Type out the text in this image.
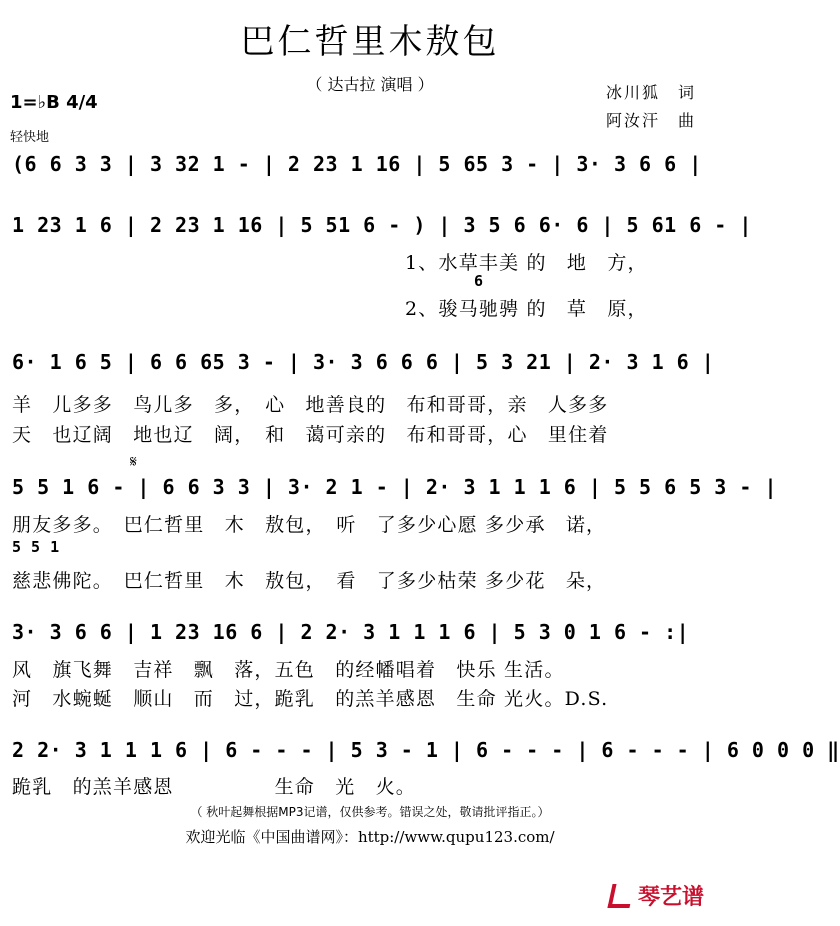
巴仁哲里木敖包
（ 达古拉 演唱 ）	冰川狐　词
阿汝汗　曲
1=♭B 4/4
轻快地
(6 6 3 3 | 3 32 1 - | 2 23 1 16 | 5 65 3 - | 3· 3 6 6 |
1 23 1 6 | 2 23 1 16 | 5 51 6 - ) | 3 5 6 6· 6 | 5 61 6 - |
1、水草丰美 的　地　方，
6
2、骏马驰骋 的　草　原，
6· 1 6 5 | 6 6 65 3 - | 3· 3 6 6 6 | 5 3 21 | 2· 3 1 6 |
羊　儿多多　鸟儿多　多，　心　地善良的　布和哥哥，亲　人多多
天　也辽阔　地也辽　阔，　和　蔼可亲的　布和哥哥，心　里住着
𝄋
5 5 1 6 - | 6 6 3 3 | 3· 2 1 - | 2· 3 1 1 1 6 | 5 5 6 5 3 - |
朋友多多。　巴仁哲里　木　敖包，　听　了多少心愿 多少承　诺，
5 5 1
慈悲佛陀。　巴仁哲里　木　敖包，　看　了多少枯荣 多少花　朵，
3· 3 6 6 | 1 23 16 6 | 2 2· 3 1 1 1 6 | 5 3 0 1 6 - :|
风　旗飞舞　吉祥　飘　落，五色　的经幡唱着　快乐 生活。
河　水蜿蜒　顺山　而　过，跪乳　的羔羊感恩　生命 光火。D.S.
2 2· 3 1 1 1 6 | 6 - - - | 5 3 - 1 | 6 - - - | 6 - - - | 6 0 0 0 ‖
跪乳　的羔羊感恩　　　　　生命　光　火。
（ 秋叶起舞根据MP3记谱，仅供参考。错误之处，敬请批评指正。）
欢迎光临《中国曲谱网》：http://www.qupu123.com/
琴艺谱
